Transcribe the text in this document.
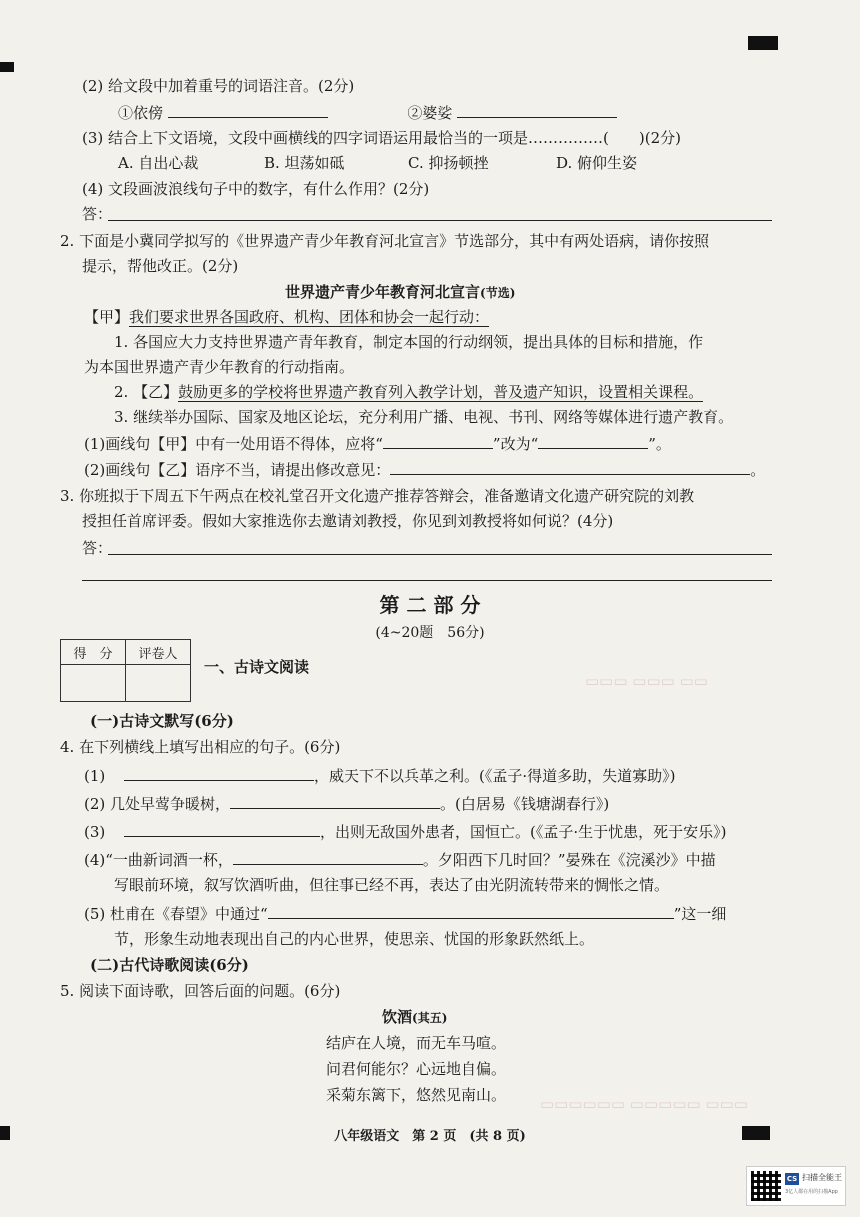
▭▭▭ ▭▭▭ ▭▭
▭▭▭▭▭▭ ▭▭▭▭▭ ▭▭▭
(2) 给文段中加着重号的词语注音。(2分)
①依傍	②婆娑
(3) 结合上下文语境，文段中画横线的四字词语运用最恰当的一项是……………(　　)(2分)
A. 自出心裁	B. 坦荡如砥	C. 抑扬顿挫	D. 俯仰生姿
(4) 文段画波浪线句子中的数字，有什么作用？(2分)
答：
2. 下面是小冀同学拟写的《世界遗产青少年教育河北宣言》节选部分，其中有两处语病，请你按照
提示，帮他改正。(2分)
世界遗产青少年教育河北宣言(节选)
【甲】我们要求世界各国政府、机构、团体和协会一起行动：
1. 各国应大力支持世界遗产青年教育，制定本国的行动纲领，提出具体的目标和措施，作
为本国世界遗产青少年教育的行动指南。
2. 【乙】鼓励更多的学校将世界遗产教育列入教学计划，普及遗产知识，设置相关课程。
3. 继续举办国际、国家及地区论坛，充分利用广播、电视、书刊、网络等媒体进行遗产教育。
(1)画线句【甲】中有一处用语不得体，应将“	”改为“	”。
(2)画线句【乙】语序不当，请提出修改意见：	。
3. 你班拟于下周五下午两点在校礼堂召开文化遗产推荐答辩会，准备邀请文化遗产研究院的刘教
授担任首席评委。假如大家推选你去邀请刘教授，你见到刘教授将如何说？(4分)
答：
第 二 部 分
(4~20题　56分)
得　分	评卷人

一、古诗文阅读
(一)古诗文默写(6分)
4. 在下列横线上填写出相应的句子。(6分)
(1)	，威天下不以兵革之利。(《孟子·得道多助，失道寡助》)
(2) 几处早莺争暖树，	。(白居易《钱塘湖春行》)
(3)	，出则无敌国外患者，国恒亡。(《孟子·生于忧患，死于安乐》)
(4)“一曲新词酒一杯，	。夕阳西下几时回？”晏殊在《浣溪沙》中描
写眼前环境，叙写饮酒听曲，但往事已经不再，表达了由光阴流转带来的惆怅之情。
(5) 杜甫在《春望》中通过“	”这一细
节，形象生动地表现出自己的内心世界，使思亲、忧国的形象跃然纸上。
(二)古代诗歌阅读(6分)
5. 阅读下面诗歌，回答后面的问题。(6分)
饮酒(其五)
结庐在人境，而无车马喧。
问君何能尔？心远地自偏。
采菊东篱下，悠然见南山。
八年级语文　第 2 页　(共 8 页)
CS 扫描全能王
3亿人都在用的扫描App
